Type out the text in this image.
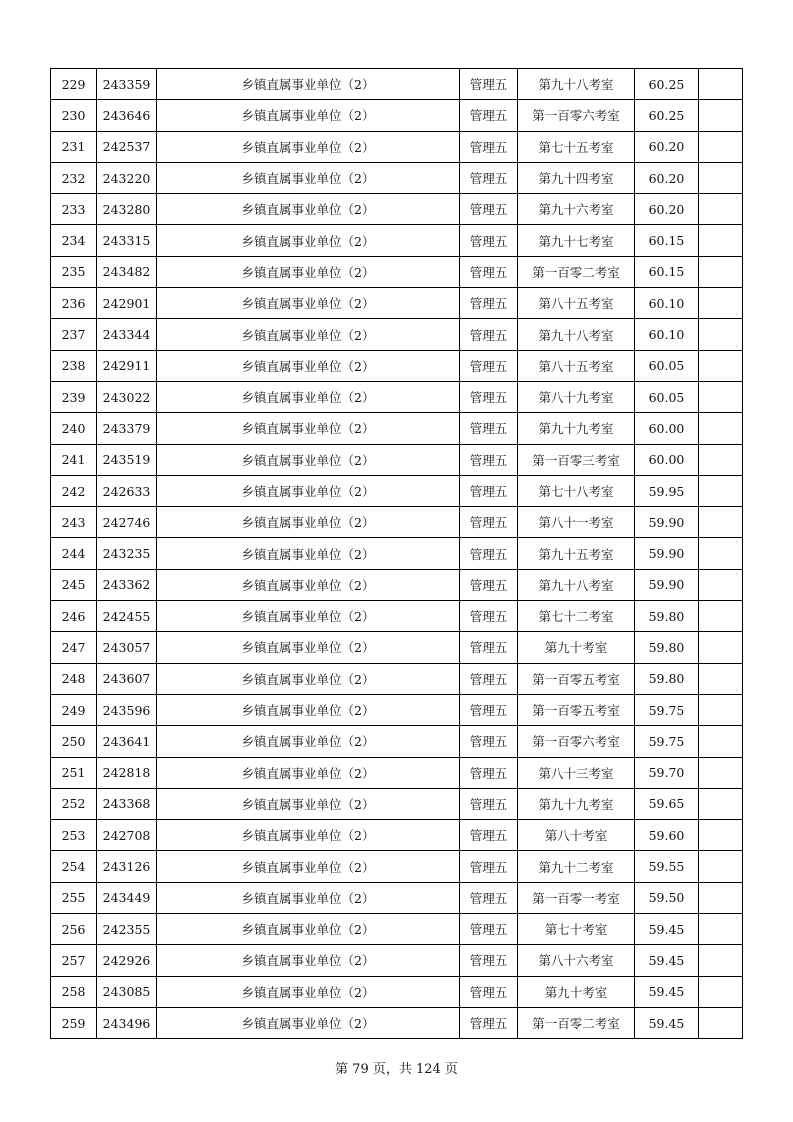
229	243359	乡镇直属事业单位（2）	管理五	第九十八考室	60.25	
230	243646	乡镇直属事业单位（2）	管理五	第一百零六考室	60.25	
231	242537	乡镇直属事业单位（2）	管理五	第七十五考室	60.20	
232	243220	乡镇直属事业单位（2）	管理五	第九十四考室	60.20	
233	243280	乡镇直属事业单位（2）	管理五	第九十六考室	60.20	
234	243315	乡镇直属事业单位（2）	管理五	第九十七考室	60.15	
235	243482	乡镇直属事业单位（2）	管理五	第一百零二考室	60.15	
236	242901	乡镇直属事业单位（2）	管理五	第八十五考室	60.10	
237	243344	乡镇直属事业单位（2）	管理五	第九十八考室	60.10	
238	242911	乡镇直属事业单位（2）	管理五	第八十五考室	60.05	
239	243022	乡镇直属事业单位（2）	管理五	第八十九考室	60.05	
240	243379	乡镇直属事业单位（2）	管理五	第九十九考室	60.00	
241	243519	乡镇直属事业单位（2）	管理五	第一百零三考室	60.00	
242	242633	乡镇直属事业单位（2）	管理五	第七十八考室	59.95	
243	242746	乡镇直属事业单位（2）	管理五	第八十一考室	59.90	
244	243235	乡镇直属事业单位（2）	管理五	第九十五考室	59.90	
245	243362	乡镇直属事业单位（2）	管理五	第九十八考室	59.90	
246	242455	乡镇直属事业单位（2）	管理五	第七十二考室	59.80	
247	243057	乡镇直属事业单位（2）	管理五	第九十考室	59.80	
248	243607	乡镇直属事业单位（2）	管理五	第一百零五考室	59.80	
249	243596	乡镇直属事业单位（2）	管理五	第一百零五考室	59.75	
250	243641	乡镇直属事业单位（2）	管理五	第一百零六考室	59.75	
251	242818	乡镇直属事业单位（2）	管理五	第八十三考室	59.70	
252	243368	乡镇直属事业单位（2）	管理五	第九十九考室	59.65	
253	242708	乡镇直属事业单位（2）	管理五	第八十考室	59.60	
254	243126	乡镇直属事业单位（2）	管理五	第九十二考室	59.55	
255	243449	乡镇直属事业单位（2）	管理五	第一百零一考室	59.50	
256	242355	乡镇直属事业单位（2）	管理五	第七十考室	59.45	
257	242926	乡镇直属事业单位（2）	管理五	第八十六考室	59.45	
258	243085	乡镇直属事业单位（2）	管理五	第九十考室	59.45	
259	243496	乡镇直属事业单位（2）	管理五	第一百零二考室	59.45	
第 79 页，共 124 页
